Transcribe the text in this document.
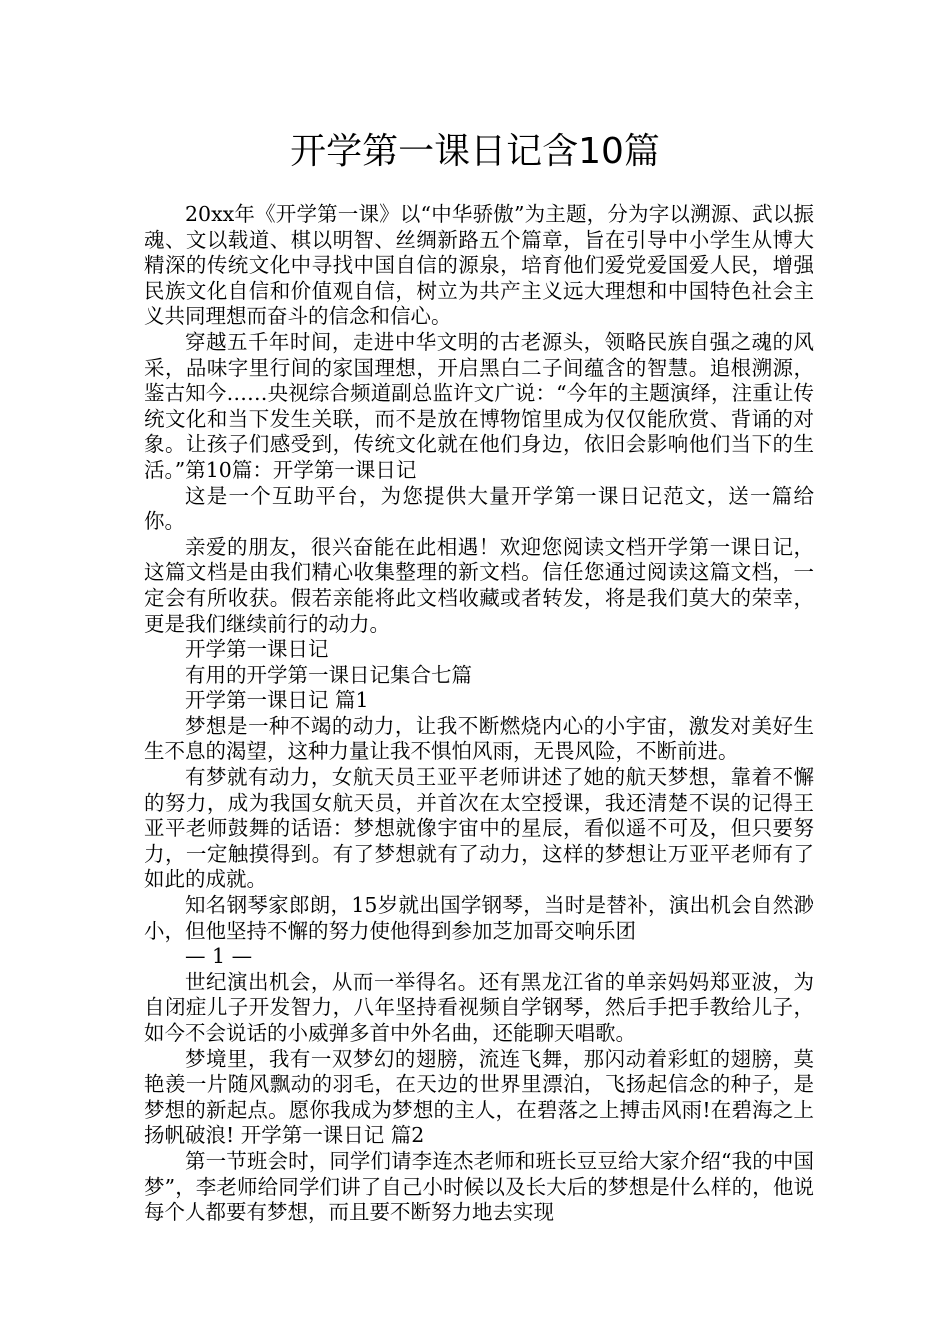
开学第一课日记含10篇

20xx年《开学第一课》以“中华骄傲”为主题，分为字以溯源、武以振魂、文以载道、棋以明智、丝绸新路五个篇章，旨在引导中小学生从博大精深的传统文化中寻找中国自信的源泉，培育他们爱党爱国爱人民，增强民族文化自信和价值观自信，树立为共产主义远大理想和中国特色社会主义共同理想而奋斗的信念和信心。

穿越五千年时间，走进中华文明的古老源头，领略民族自强之魂的风采，品味字里行间的家国理想，开启黑白二子间蕴含的智慧。追根溯源，鉴古知今……央视综合频道副总监许文广说：“今年的主题演绎，注重让传统文化和当下发生关联，而不是放在博物馆里成为仅仅能欣赏、背诵的对象。让孩子们感受到，传统文化就在他们身边，依旧会影响他们当下的生活。”第10篇：开学第一课日记

这是一个互助平台，为您提供大量开学第一课日记范文，送一篇给你。

亲爱的朋友，很兴奋能在此相遇！欢迎您阅读文档开学第一课日记，这篇文档是由我们精心收集整理的新文档。信任您通过阅读这篇文档，一定会有所收获。假若亲能将此文档收藏或者转发，将是我们莫大的荣幸，更是我们继续前行的动力。

开学第一课日记

有用的开学第一课日记集合七篇

开学第一课日记 篇1

梦想是一种不竭的动力，让我不断燃烧内心的小宇宙，激发对美好生生不息的渴望，这种力量让我不惧怕风雨，无畏风险，不断前进。

有梦就有动力，女航天员王亚平老师讲述了她的航天梦想，靠着不懈的努力，成为我国女航天员，并首次在太空授课，我还清楚不误的记得王亚平老师鼓舞的话语：梦想就像宇宙中的星辰，看似遥不可及，但只要努力，一定触摸得到。有了梦想就有了动力，这样的梦想让万亚平老师有了如此的成就。

知名钢琴家郎朗，15岁就出国学钢琴，当时是替补，演出机会自然渺小，但他坚持不懈的努力使他得到参加芝加哥交响乐团

— 1 —

世纪演出机会，从而一举得名。还有黑龙江省的单亲妈妈郑亚波，为自闭症儿子开发智力，八年坚持看视频自学钢琴，然后手把手教给儿子，如今不会说话的小威弹多首中外名曲，还能聊天唱歌。

梦境里，我有一双梦幻的翅膀，流连飞舞，那闪动着彩虹的翅膀，莫艳羡一片随风飘动的羽毛，在天边的世界里漂泊，飞扬起信念的种子，是梦想的新起点。愿你我成为梦想的主人，在碧落之上搏击风雨!在碧海之上扬帆破浪! 开学第一课日记 篇2

第一节班会时，同学们请李连杰老师和班长豆豆给大家介绍“我的中国梦”，李老师给同学们讲了自己小时候以及长大后的梦想是什么样的，他说每个人都要有梦想，而且要不断努力地去实现
